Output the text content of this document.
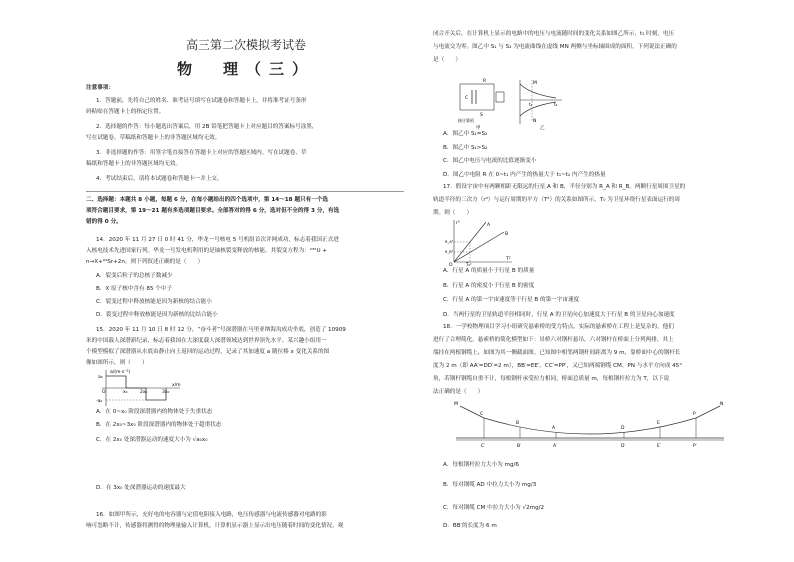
高三第二次模拟考试卷
物　理（三）
注意事项：
1．答题前，先将自己的姓名、准考证号填写在试题卷和答题卡上，并将准考证号条形
码粘贴在答题卡上的指定位置。
2．选择题的作答：每小题选出答案后，用 2B 铅笔把答题卡上对应题目的答案标号涂黑，
写在试题卷、草稿纸和答题卡上的非答题区域均无效。
3．非选择题的作答：用签字笔直接答在答题卡上对应的答题区域内。写在试题卷、草
稿纸和答题卡上的非答题区域均无效。
4．考试结束后，请将本试题卷和答题卡一并上交。
二、选择题：本题共 8 小题，每题 6 分，在每小题给出的四个选项中，第 14～18 题只有一个选
项符合题目要求，第 19～21 题有多选项题目要求。全部答对的得 6 分，选对但不全的得 3 分，有选
错的得 0 分。
14．2020 年 11 月 27 日 0 时 41 分，华龙一号核电 5 号机组首次并网成功，标志着我国正式进
入核电技术先进国家行列。华龙一号发电机利用的是铀核裂变释放的核能，其裂变方程为：²³⁵U +
n→X+⁹⁴Sr+2n。则下列叙述正确的是（　　）
A．裂变后粒子的总核子数减少
B．X 原子核中含有 85 个中子
C．裂变过程中释放核能是因为新核的结合能小
D．裂变过程中释放核能是因为新核的比结合能小
15．2020 年 11 月 10 日 8 时 12 分，“奋斗者”号深潜器在马里亚纳海沟成功坐底，创造了 10909
米的中国载人深潜新纪录，标志着我国在大深度载人深潜领域达到世界领先水平。某兴趣小组用一
个模型模拟了深潜器从水底由静止向上返回的运动过程，记录了其加速度 a 随位移 x 变化关系的图
像如图所示，则（　　）
a/(m·s⁻²)
x/m
a₀
-a₀
O	x₀	2x₀	3x₀
A．在 0~x₀ 阶段深潜器内的物体处于失重状态
B．在 2x₀~3x₀ 阶段深潜器内的物体处于超重状态
C．在 2x₀ 处深潜器运动的速度大小为 √a₀x₀
D．在 3x₀ 处深潜器运动的速度最大
16．如图甲所示，充好电的电容器与定值电阻接入电路，电压传感器与电流传感器对电路的影
响可忽略不计，传感器将测得的物理量输入计算机，计算机显示器上显示出电压随着时间的变化情况，观
闭合开关后，在计算机上显示的电路中的电压与电流随时间的变化关系如图乙所示，t₁ 时刻，电压
与电流交为零。图乙中 S₁ 与 S₂ 为电流曲线在虚线 MN 两侧与坐标轴围成的面积，下列说法正确的
是（　　）
C
R
S
接计算机
甲
M
N
t₁	t₂
乙
A．图乙中 S₁=S₂
B．图乙中 S₁>S₂
C．图乙中电压与电流的比值逐渐变小
D．图乙中电阻 R 在 0~t₁ 内产生的热量大于 t₁~t₂ 内产生的热量
17．假设宇宙中有两颗相距无限远的行星 A 和 B，半径分别为 R_A 和 R_B。两颗行星周围卫星的
轨道半径的三次方（r³）与运行周期的平方（T²）的关系如图所示，T₀ 为卫星环绕行星表面运行的周
期。则（　　）
r³
T²
O	T₀²
A
B
R_A³
R_B³
A．行星 A 的质量小于行星 B 的质量
B．行星 A 的密度小于行星 B 的密度
C．行星 A 的第一宇宙速度等于行星 B 的第一宇宙速度
D．当两行星的卫星轨道半径相同时，行星 A 的卫星向心加速度大于行星 B 的卫星向心加速度
18．一学校物理项目学习小组研究悬索桥的受力特点，实际的悬索桥在工程上是复杂的，他们
进行了合理简化，悬索桥的简化模型如下：吊桥六对钢杆悬吊，六对钢杆在桥面上分列两排，其上
端挂在两根钢缆上，如图为其一侧截面图。已知图中相邻两钢杆间距离为 9 m，靠桥面中心的钢杆长
度为 2 m（即 AA′=DD′=2 m），BB′=EE′，CC′=PP′，又已知两端钢缆 CM、PN 与水平方向成 45°
角，若钢杆钢缆自重不计，每根钢杆承受拉力相同，桥面总质量 m，每根钢杆拉力为 T，以下说
法正确的是（　　）
M	N
C
B
A	D
E
P
C′	B′	A′	D′	E′	P′
A．每根钢杆拉力大小为 mg/6
B．每对钢缆 AD 中拉力大小为 mg/3
C．每对钢缆 CM 中拉力大小为 √2mg/2
D．BB′的长度为 6 m
